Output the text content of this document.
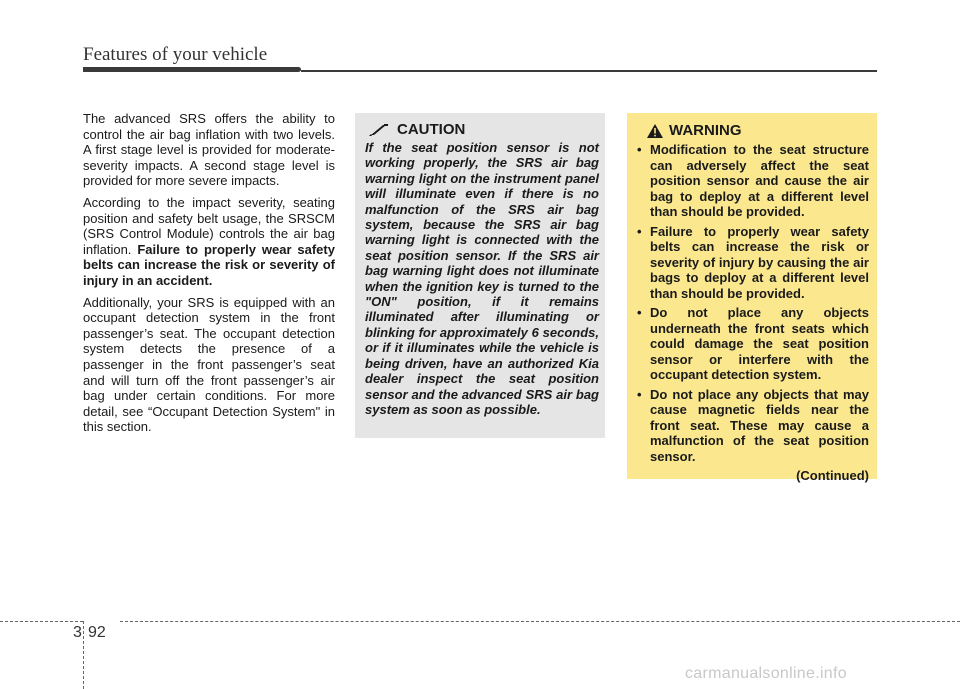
Features of your vehicle

The advanced SRS offers the ability to control the air bag inflation with two levels. A first stage level is provided for moderate-severity impacts. A second stage level is provided for more severe impacts.

According to the impact severity, seating position and safety belt usage, the SRSCM (SRS Control Module) controls the air bag inflation. Failure to properly wear safety belts can increase the risk or severity of injury in an accident.

Additionally, your SRS is equipped with an occupant detection system in the front passenger’s seat. The occupant detection system detects the presence of a passenger in the front passenger’s seat and will turn off the front passenger’s air bag under certain conditions. For more detail, see “Occupant Detection System" in this section.

CAUTION
If the seat position sensor is not working properly, the SRS air bag warning light on the instrument panel will illuminate even if there is no malfunction of the SRS air bag system, because the SRS air bag warning light is connected with the seat position sensor. If the SRS air bag warning light does not illuminate when the ignition key is turned to the "ON" position, if it remains illuminated after illuminating or blinking for approximately 6 seconds, or if it illuminates while the vehicle is being driven, have an authorized Kia dealer inspect the seat position sensor and the advanced SRS air bag system as soon as possible.
WARNING
• Modification to the seat structure can adversely affect the seat position sensor and cause the air bag to deploy at a different level than should be provided.
• Failure to properly wear safety belts can increase the risk or severity of injury by causing the air bags to deploy at a different level than should be provided.
• Do not place any objects underneath the front seats which could damage the seat position sensor or interfere with the occupant detection system.
• Do not place any objects that may cause magnetic fields near the front seat. These may cause a malfunction of the seat position sensor.
(Continued)
3 92
carmanualsonline.info
